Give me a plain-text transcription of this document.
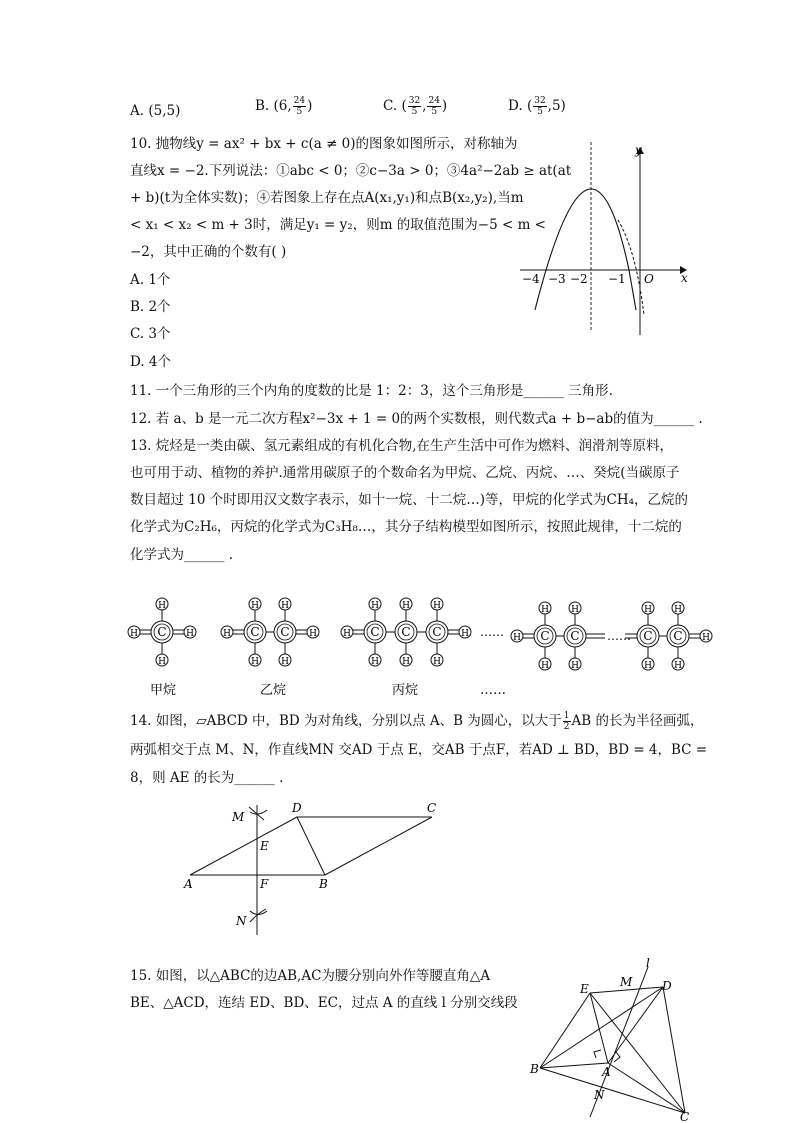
A. (5,5)	B. (6, $\frac{24}{5}$ )	C. ( $\frac{32}{5}$ , $\frac{24}{5}$ )	D. ( $\frac{32}{5} ,5$)
10. 抛物线y = ax² + bx + c(a ≠ 0)的图象如图所示，对称轴为
直线x = −2.下列说法：①abc < 0；②c−3a > 0；③4a²−2ab ≥ at(at
+ b)(t为全体实数)；④若图象上存在点A(x₁,y₁)和点B(x₂,y₂),当m
< x₁ < x₂ < m + 3时，满足y₁ = y₂，则m 的取值范围为−5 < m <
−2，其中正确的个数有( )
A. 1个
B. 2个
C. 3个
D. 4个
y
x
O
−4 −3 −2 −1
11. 一个三角形的三个内角的度数的比是 1：2：3，这个三角形是______ 三角形.
12. 若 a、b 是一元二次方程x²−3x + 1 = 0的两个实数根，则代数式a + b−ab的值为______ .
13. 烷烃是一类由碳、氢元素组成的有机化合物,在生产生活中可作为燃料、润滑剂等原料，
也可用于动、植物的养护.通常用碳原子的个数命名为甲烷、乙烷、丙烷、…、癸烷(当碳原子
数目超过 10 个时即用汉文数字表示，如十一烷、十二烷…)等，甲烷的化学式为CH₄，乙烷的
化学式为C₂H₆，丙烷的化学式为C₃H₈…，其分子结构模型如图所示，按照此规律，十二烷的
化学式为______ .
H
H
C
H	H
H
H
C
H
H
C
H	H
H
H
C
H
H
C
H
H
C
H	H ……
H
H
C
H
H
C
H	……
H
H
C
H
H
C H
甲烷	乙烷	丙烷	……
14. 如图，▱ABCD 中，BD 为对角线，分别以点 A、B 为圆心，以大于 $\frac{1}{2}$ AB 的长为半径画弧，
两弧相交于点 M、N，作直线MN 交AD 于点 E，交AB 于点F，若AD ⊥ BD，BD = 4，BC =
8，则 AE 的长为______ .
M
D	C
E
A	F	B
N
15. 如图，以△ABC的边AB,AC为腰分别向外作等腰直角△A
BE、△ACD，连结 ED、BD、EC，过点 A 的直线 l 分别交线段
l
E	M D
B	A
N
C
